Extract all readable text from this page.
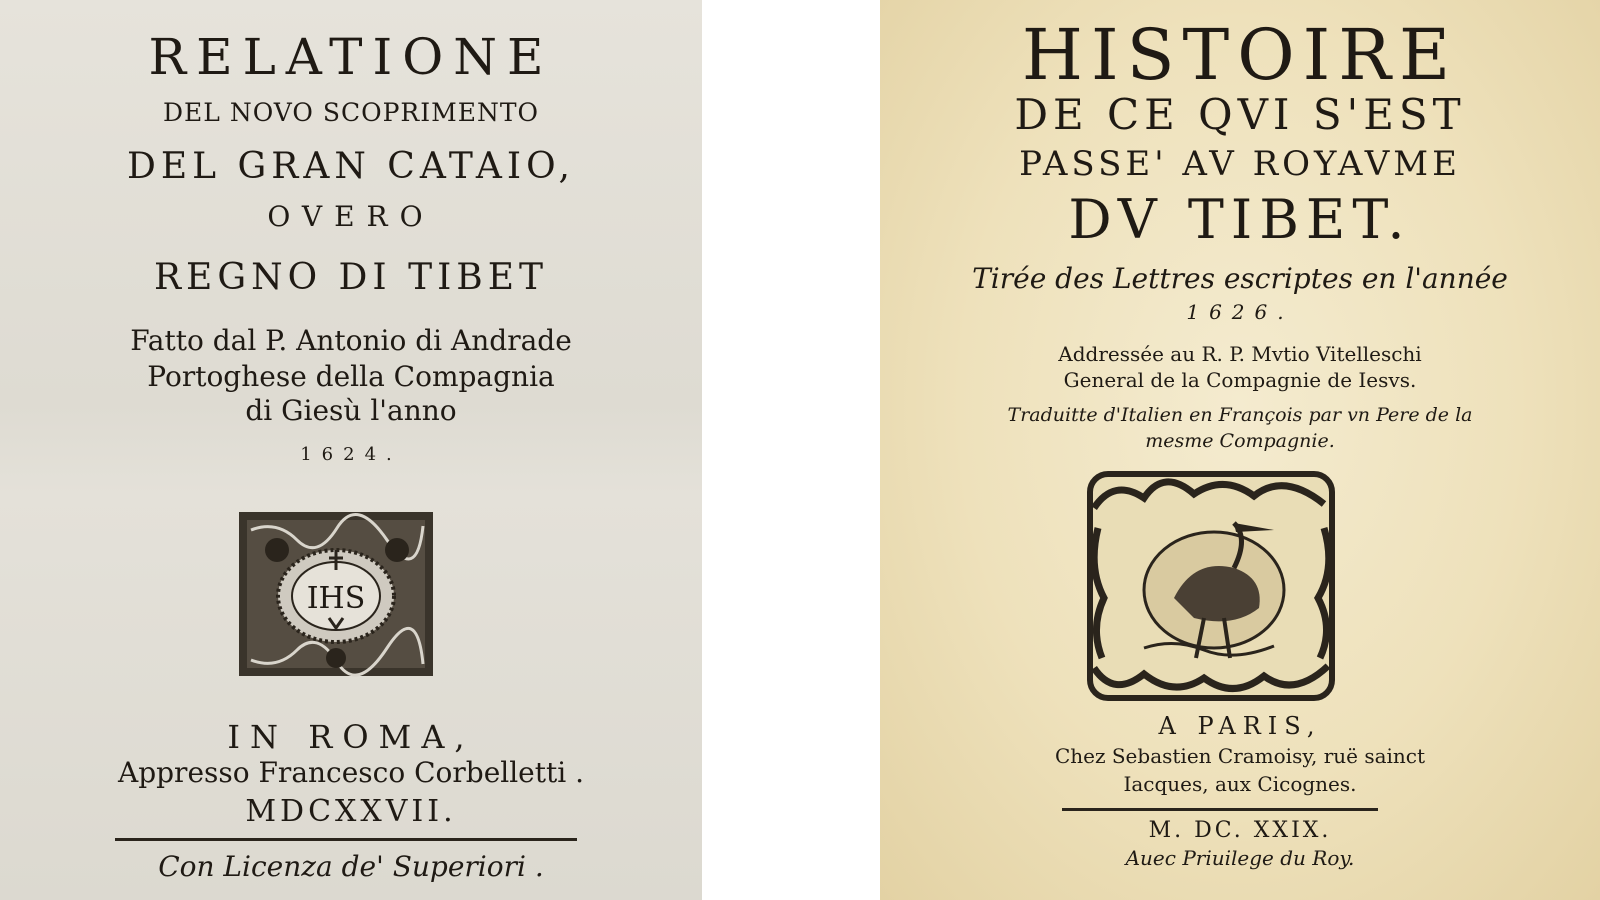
RELATIONE
DEL NOVO SCOPRIMENTO
DEL GRAN CATAIO,
OVERO
REGNO DI TIBET
Fatto dal P. Antonio di Andrade
Portoghese della Compagnia
di Giesù l'anno
1624.
IHS
IN ROMA,
Appresso Francesco Corbelletti .
MDCXXVII.
Con Licenza de' Superiori .
HISTOIRE
DE CE QVI S'EST
PASSE' AV ROYAVME
DV TIBET.
Tirée des Lettres escriptes en l'année
1626.
Addressée au R. P. Mvtio Vitelleschi
General de la Compagnie de Iesvs.
Traduitte d'Italien en François par vn Pere de la
mesme Compagnie.
A PARIS,
Chez Sebastien Cramoisy, ruë sainct
Iacques, aux Cicognes.
M. DC. XXIX.
Auec Priuilege du Roy.
